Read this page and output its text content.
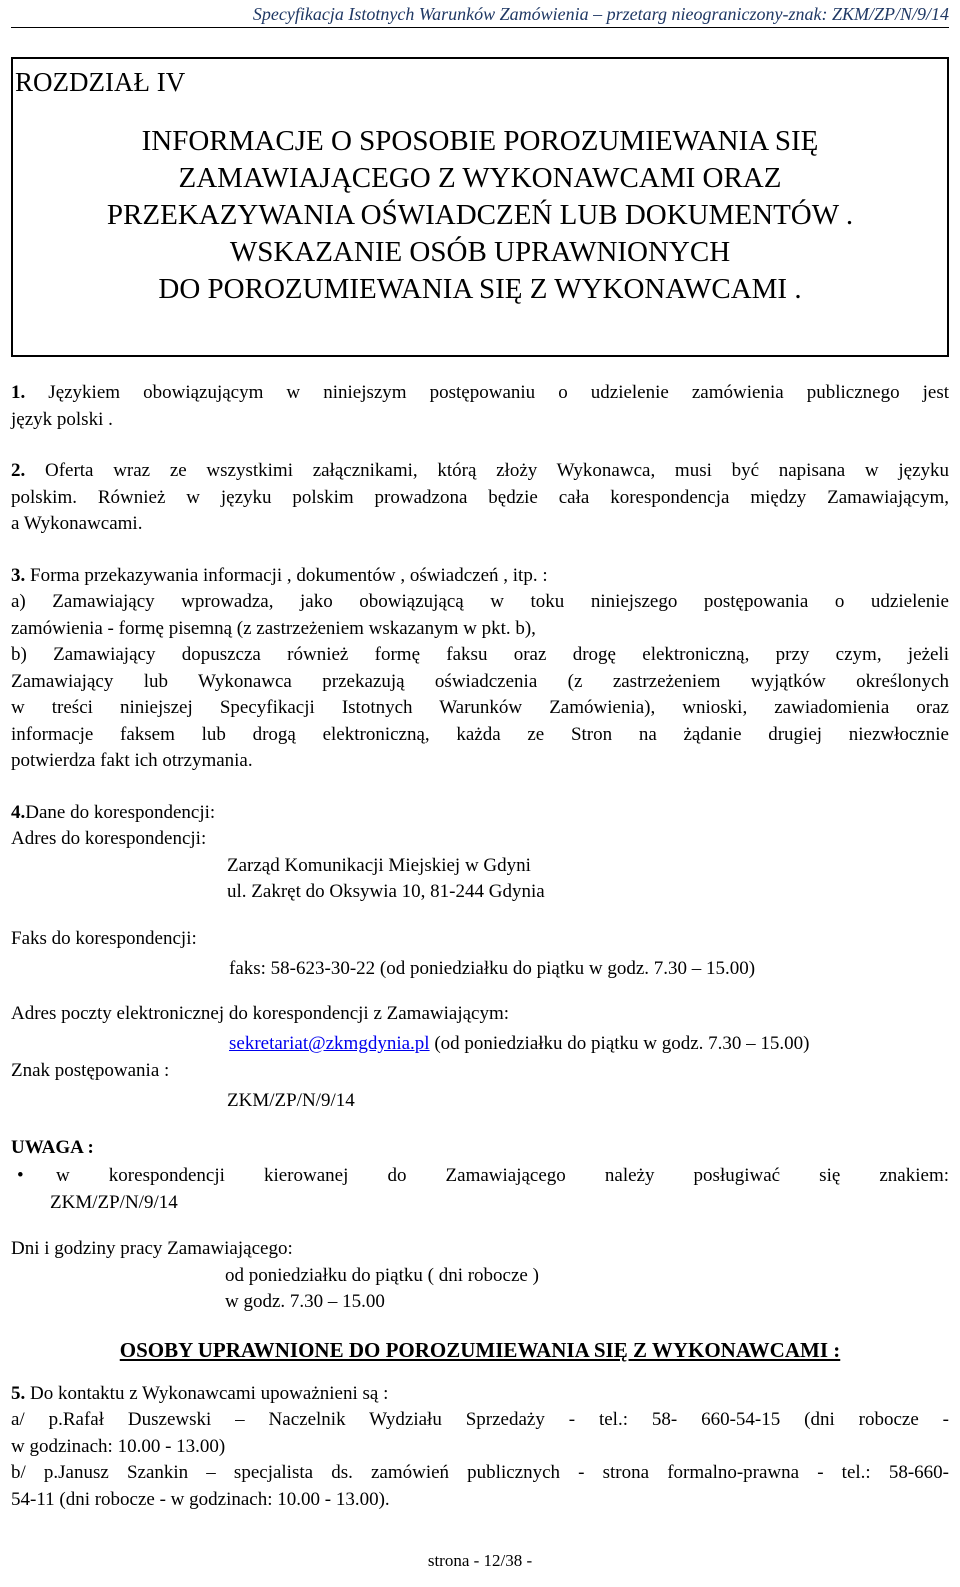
Specyfikacja Istotnych Warunków Zamówienia – przetarg nieograniczony-znak: ZKM/ZP/N/9/14
ROZDZIAŁ IV
INFORMACJE O SPOSOBIE POROZUMIEWANIA SIĘ
ZAMAWIAJĄCEGO Z WYKONAWCAMI ORAZ
PRZEKAZYWANIA OŚWIADCZEŃ LUB DOKUMENTÓW .
WSKAZANIE OSÓB UPRAWNIONYCH
DO POROZUMIEWANIA SIĘ Z WYKONAWCAMI .
1. Językiem obowiązującym w niniejszym postępowaniu o udzielenie zamówienia publicznego jest
język polski .
2. Oferta wraz ze wszystkimi załącznikami, którą złoży Wykonawca, musi być napisana w języku
polskim. Również w języku polskim prowadzona będzie cała korespondencja między Zamawiającym,
a Wykonawcami.
3. Forma przekazywania informacji , dokumentów , oświadczeń , itp. :
a) Zamawiający wprowadza, jako obowiązującą w toku niniejszego postępowania o udzielenie
zamówienia - formę pisemną (z zastrzeżeniem wskazanym w pkt. b),
b) Zamawiający dopuszcza również formę faksu oraz drogę elektroniczną, przy czym, jeżeli
Zamawiający lub Wykonawca przekazują oświadczenia (z zastrzeżeniem wyjątków określonych
w treści niniejszej Specyfikacji Istotnych Warunków Zamówienia), wnioski, zawiadomienia oraz
informacje faksem lub drogą elektroniczną, każda ze Stron na żądanie drugiej niezwłocznie
potwierdza fakt ich otrzymania.
4.Dane do korespondencji:
Adres do korespondencji:
Zarząd Komunikacji Miejskiej w Gdyni
ul. Zakręt do Oksywia 10, 81-244 Gdynia
Faks do korespondencji:
faks: 58-623-30-22 (od poniedziałku do piątku w godz. 7.30 – 15.00)
Adres poczty elektronicznej do korespondencji z Zamawiającym:
sekretariat@zkmgdynia.pl (od poniedziałku do piątku w godz. 7.30 – 15.00)
Znak postępowania :
ZKM/ZP/N/9/14
UWAGA :
•	w korespondencji kierowanej do Zamawiającego należy posługiwać się znakiem:
ZKM/ZP/N/9/14
Dni i godziny pracy Zamawiającego:
od poniedziałku do piątku ( dni robocze )
w godz. 7.30 – 15.00
OSOBY UPRAWNIONE DO POROZUMIEWANIA SIĘ Z WYKONAWCAMI :
5. Do kontaktu z Wykonawcami upoważnieni są :
a/ p.Rafał Duszewski – Naczelnik Wydziału Sprzedaży - tel.: 58- 660-54-15 (dni robocze -
w godzinach: 10.00 - 13.00)
b/ p.Janusz Szankin – specjalista ds. zamówień publicznych - strona formalno-prawna - tel.: 58-660-
54-11 (dni robocze - w godzinach: 10.00 - 13.00).
strona - 12/38 -
